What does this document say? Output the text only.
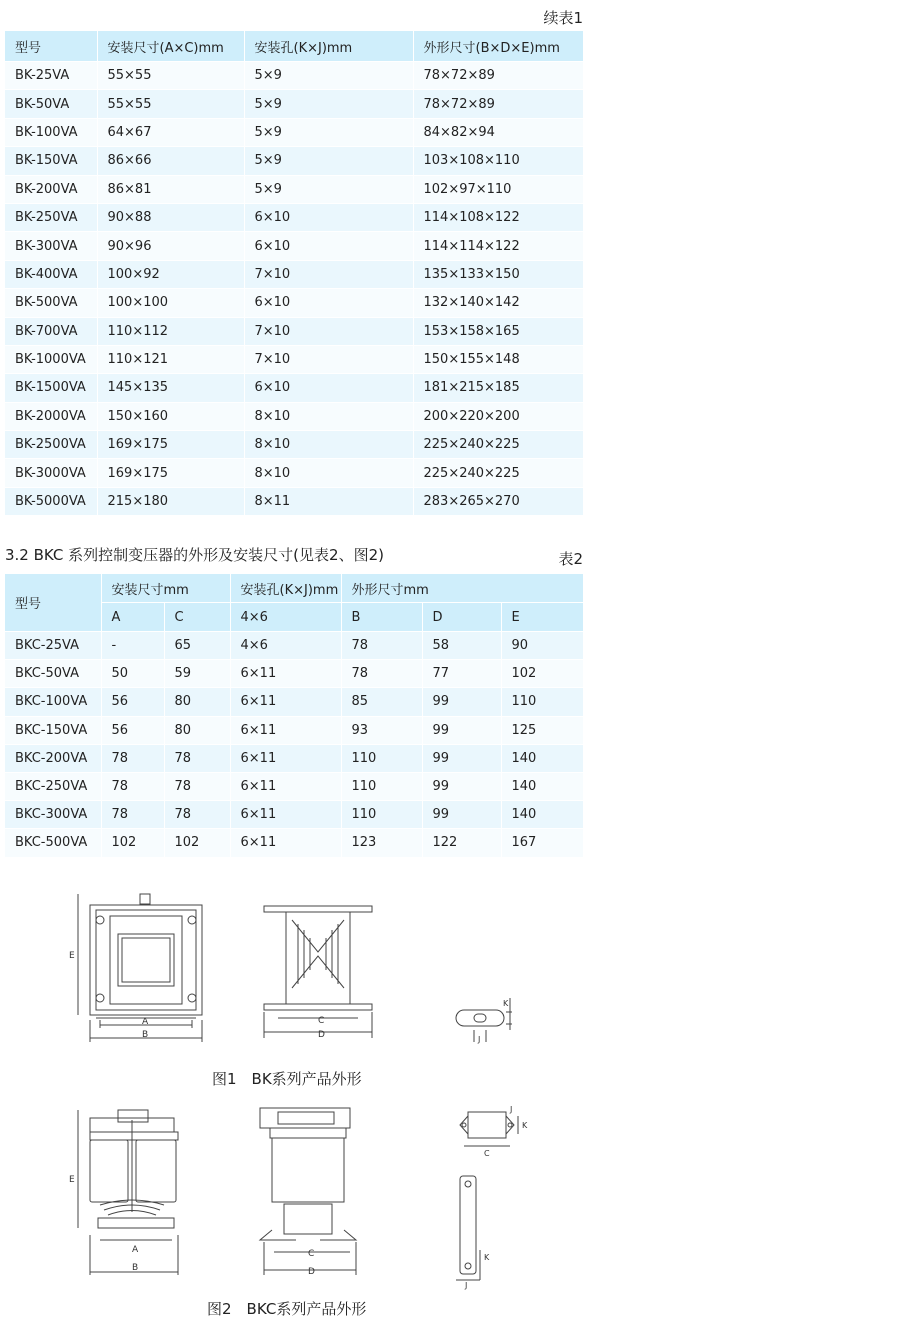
续表1
型号	安装尺寸(A×C)mm	安装孔(K×J)mm	外形尺寸(B×D×E)mm
BK-25VA	55×55	5×9	78×72×89
BK-50VA	55×55	5×9	78×72×89
BK-100VA	64×67	5×9	84×82×94
BK-150VA	86×66	5×9	103×108×110
BK-200VA	86×81	5×9	102×97×110
BK-250VA	90×88	6×10	114×108×122
BK-300VA	90×96	6×10	114×114×122
BK-400VA	100×92	7×10	135×133×150
BK-500VA	100×100	6×10	132×140×142
BK-700VA	110×112	7×10	153×158×165
BK-1000VA	110×121	7×10	150×155×148
BK-1500VA	145×135	6×10	181×215×185
BK-2000VA	150×160	8×10	200×220×200
BK-2500VA	169×175	8×10	225×240×225
BK-3000VA	169×175	8×10	225×240×225
BK-5000VA	215×180	8×11	283×265×270
3.2 BKC 系列控制变压器的外形及安装尺寸(见表2、图2)	表2
型号	安装尺寸mm		安装孔(K×J)mm	外形尺寸mm		
	A	C	4×6	B	D	E
BKC-25VA	-	65	4×6	78	58	90
BKC-50VA	50	59	6×11	78	77	102
BKC-100VA	56	80	6×11	85	99	110
BKC-150VA	56	80	6×11	93	99	125
BKC-200VA	78	78	6×11	110	99	140
BKC-250VA	78	78	6×11	110	99	140
BKC-300VA	78	78	6×11	110	99	140
BKC-500VA	102	102	6×11	123	122	167
A
B
E
C
D
K
J
图1　BK系列产品外形
A
B
E
C
D
C
J
K
K
J
图2　BKC系列产品外形
